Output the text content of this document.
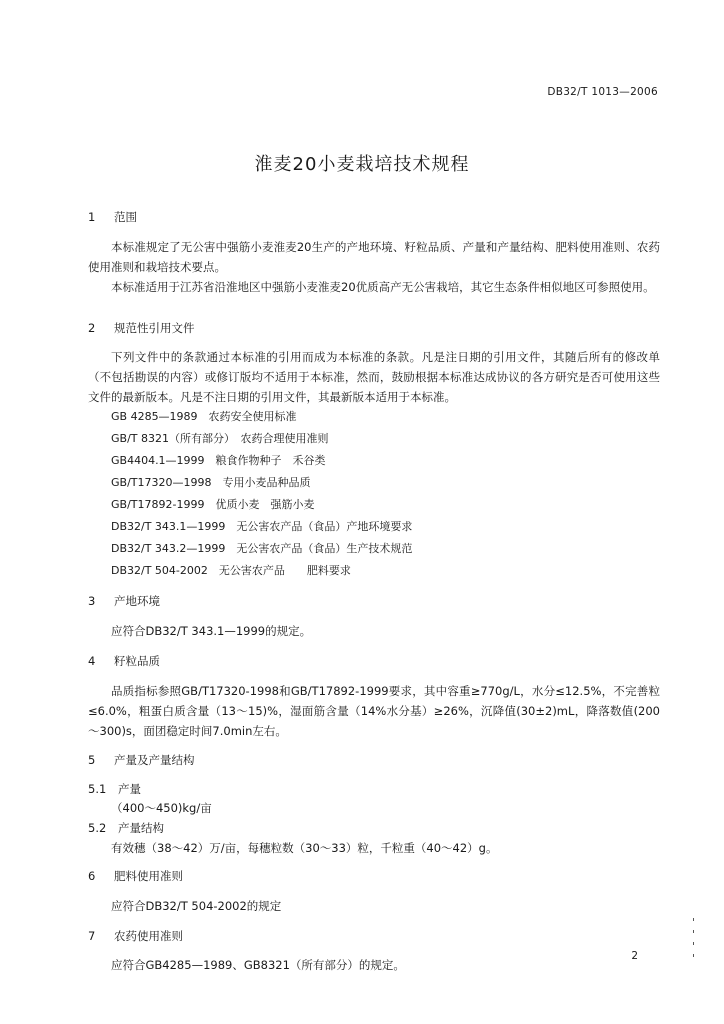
DB32/T 1013—2006
淮麦20小麦栽培技术规程
1 范围

本标准规定了无公害中强筋小麦淮麦20生产的产地环境、籽粒品质、产量和产量结构、肥料使用准则、农药使用准则和栽培技术要点。

本标准适用于江苏省沿淮地区中强筋小麦淮麦20优质高产无公害栽培，其它生态条件相似地区可参照使用。

2 规范性引用文件

下列文件中的条款通过本标准的引用而成为本标准的条款。凡是注日期的引用文件，其随后所有的修改单（不包括勘误的内容）或修订版均不适用于本标准，然而，鼓励根据本标准达成协议的各方研究是否可使用这些文件的最新版本。凡是不注日期的引用文件，其最新版本适用于本标准。

GB 4285—1989　农药安全使用标准
GB/T 8321（所有部分）　农药合理使用准则
GB4404.1—1999　粮食作物种子　禾谷类
GB/T17320—1998　专用小麦品种品质
GB/T17892-1999　优质小麦　强筋小麦
DB32/T 343.1—1999　无公害农产品（食品）产地环境要求
DB32/T 343.2—1999　无公害农产品（食品）生产技术规范
DB32/T 504-2002　无公害农产品　　肥料要求
3 产地环境
应符合DB32/T 343.1—1999的规定。
4 籽粒品质

品质指标参照GB/T17320-1998和GB/T17892-1999要求，其中容重≥770g/L，水分≤12.5%，不完善粒≤6.0%，粗蛋白质含量（13～15)%，湿面筋含量（14%水分基）≥26%，沉降值(30±2)mL，降落数值(200～300)s，面团稳定时间7.0min左右。

5 产量及产量结构
5.1 产量
（400～450)kg/亩
5.2 产量结构
有效穗（38～42）万/亩，每穗粒数（30～33）粒，千粒重（40～42）g。
6 肥料使用准则
应符合DB32/T 504-2002的规定
7 农药使用准则
应符合GB4285—1989、GB8321（所有部分）的规定。
2
